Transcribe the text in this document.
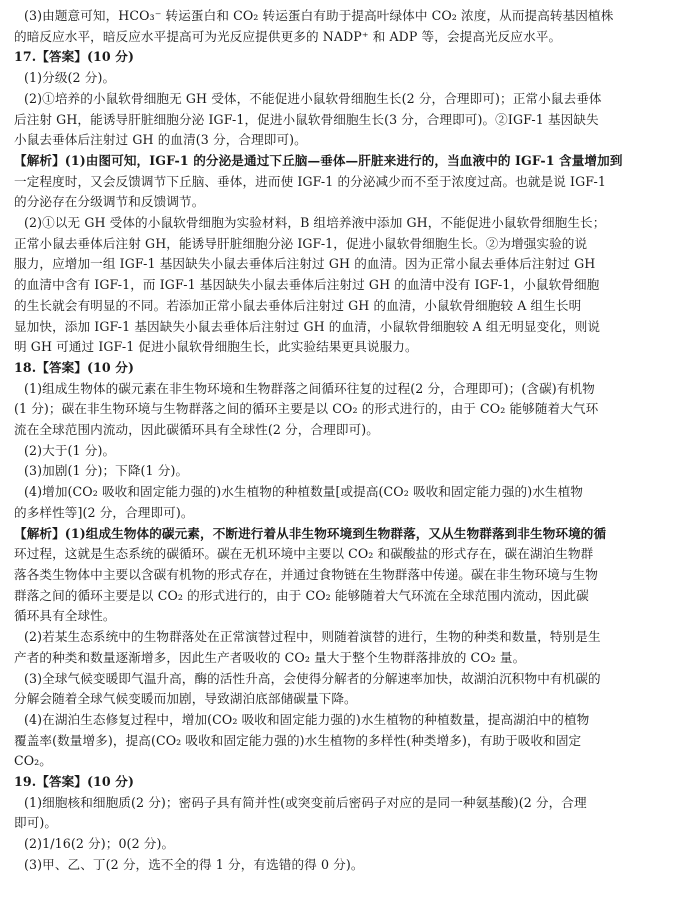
(3)由题意可知，HCO₃⁻ 转运蛋白和 CO₂ 转运蛋白有助于提高叶绿体中 CO₂ 浓度，从而提高转基因植株
的暗反应水平，暗反应水平提高可为光反应提供更多的 NADP⁺ 和 ADP 等，会提高光反应水平。
17.【答案】(10 分)
(1)分级(2 分)。
(2)①培养的小鼠软骨细胞无 GH 受体，不能促进小鼠软骨细胞生长(2 分，合理即可)；正常小鼠去垂体
后注射 GH，能诱导肝脏细胞分泌 IGF-1，促进小鼠软骨细胞生长(3 分，合理即可)。②IGF-1 基因缺失
小鼠去垂体后注射过 GH 的血清(3 分，合理即可)。
【解析】(1)由图可知，IGF-1 的分泌是通过下丘脑—垂体—肝脏来进行的，当血液中的 IGF-1 含量增加到
一定程度时，又会反馈调节下丘脑、垂体，进而使 IGF-1 的分泌减少而不至于浓度过高。也就是说 IGF-1
的分泌存在分级调节和反馈调节。
(2)①以无 GH 受体的小鼠软骨细胞为实验材料，B 组培养液中添加 GH，不能促进小鼠软骨细胞生长；
正常小鼠去垂体后注射 GH，能诱导肝脏细胞分泌 IGF-1，促进小鼠软骨细胞生长。②为增强实验的说
服力，应增加一组 IGF-1 基因缺失小鼠去垂体后注射过 GH 的血清。因为正常小鼠去垂体后注射过 GH
的血清中含有 IGF-1，而 IGF-1 基因缺失小鼠去垂体后注射过 GH 的血清中没有 IGF-1，小鼠软骨细胞
的生长就会有明显的不同。若添加正常小鼠去垂体后注射过 GH 的血清，小鼠软骨细胞较 A 组生长明
显加快，添加 IGF-1 基因缺失小鼠去垂体后注射过 GH 的血清，小鼠软骨细胞较 A 组无明显变化，则说
明 GH 可通过 IGF-1 促进小鼠软骨细胞生长，此实验结果更具说服力。
18.【答案】(10 分)
(1)组成生物体的碳元素在非生物环境和生物群落之间循环往复的过程(2 分，合理即可)；(含碳)有机物
(1 分)；碳在非生物环境与生物群落之间的循环主要是以 CO₂ 的形式进行的，由于 CO₂ 能够随着大气环
流在全球范围内流动，因此碳循环具有全球性(2 分，合理即可)。
(2)大于(1 分)。
(3)加剧(1 分)；下降(1 分)。
(4)增加(CO₂ 吸收和固定能力强的)水生植物的种植数量[或提高(CO₂ 吸收和固定能力强的)水生植物
的多样性等](2 分，合理即可)。
【解析】(1)组成生物体的碳元素，不断进行着从非生物环境到生物群落，又从生物群落到非生物环境的循
环过程，这就是生态系统的碳循环。碳在无机环境中主要以 CO₂ 和碳酸盐的形式存在，碳在湖泊生物群
落各类生物体中主要以含碳有机物的形式存在，并通过食物链在生物群落中传递。碳在非生物环境与生物
群落之间的循环主要是以 CO₂ 的形式进行的，由于 CO₂ 能够随着大气环流在全球范围内流动，因此碳
循环具有全球性。
(2)若某生态系统中的生物群落处在正常演替过程中，则随着演替的进行，生物的种类和数量，特别是生
产者的种类和数量逐渐增多，因此生产者吸收的 CO₂ 量大于整个生物群落排放的 CO₂ 量。
(3)全球气候变暖即气温升高，酶的活性升高，会使得分解者的分解速率加快，故湖泊沉积物中有机碳的
分解会随着全球气候变暖而加剧，导致湖泊底部储碳量下降。
(4)在湖泊生态修复过程中，增加(CO₂ 吸收和固定能力强的)水生植物的种植数量，提高湖泊中的植物
覆盖率(数量增多)，提高(CO₂ 吸收和固定能力强的)水生植物的多样性(种类增多)，有助于吸收和固定
CO₂。
19.【答案】(10 分)
(1)细胞核和细胞质(2 分)；密码子具有简并性(或突变前后密码子对应的是同一种氨基酸)(2 分，合理
即可)。
(2)1/16(2 分)；0(2 分)。
(3)甲、乙、丁(2 分，选不全的得 1 分，有选错的得 0 分)。
